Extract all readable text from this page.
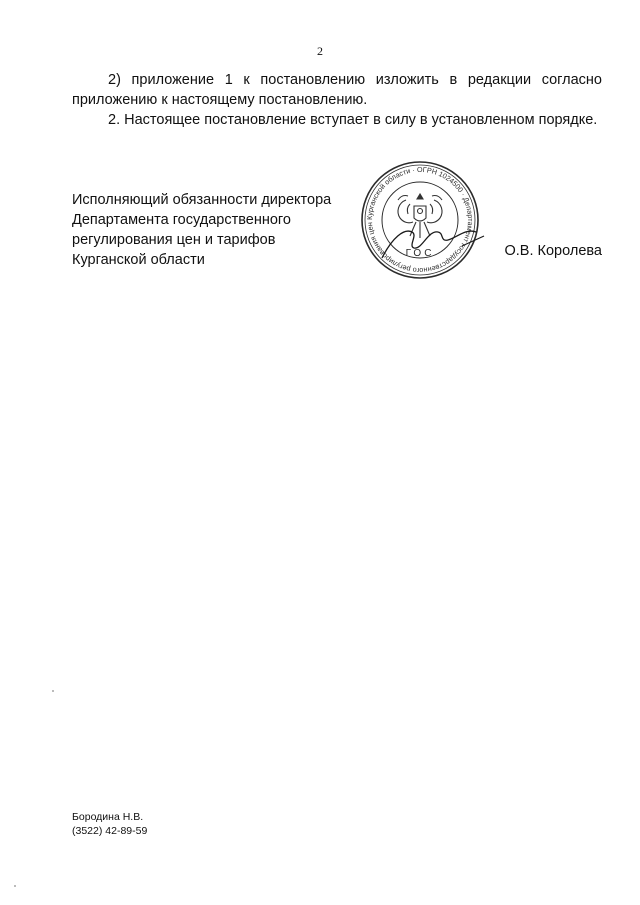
2

2) приложение 1 к постановлению изложить в редакции согласно приложению к настоящему постановлению.

2. Настоящее постановление вступает в силу в установленном порядке.

Исполняющий обязанности директора
Департамента государственного
регулирования цен и тарифов
Курганской области
Курганской области · ОГРН 1024500 · Департамент государственного регулирования цен
ГОС	О.В. Королева
Бородина Н.В.
(3522) 42-89-59
